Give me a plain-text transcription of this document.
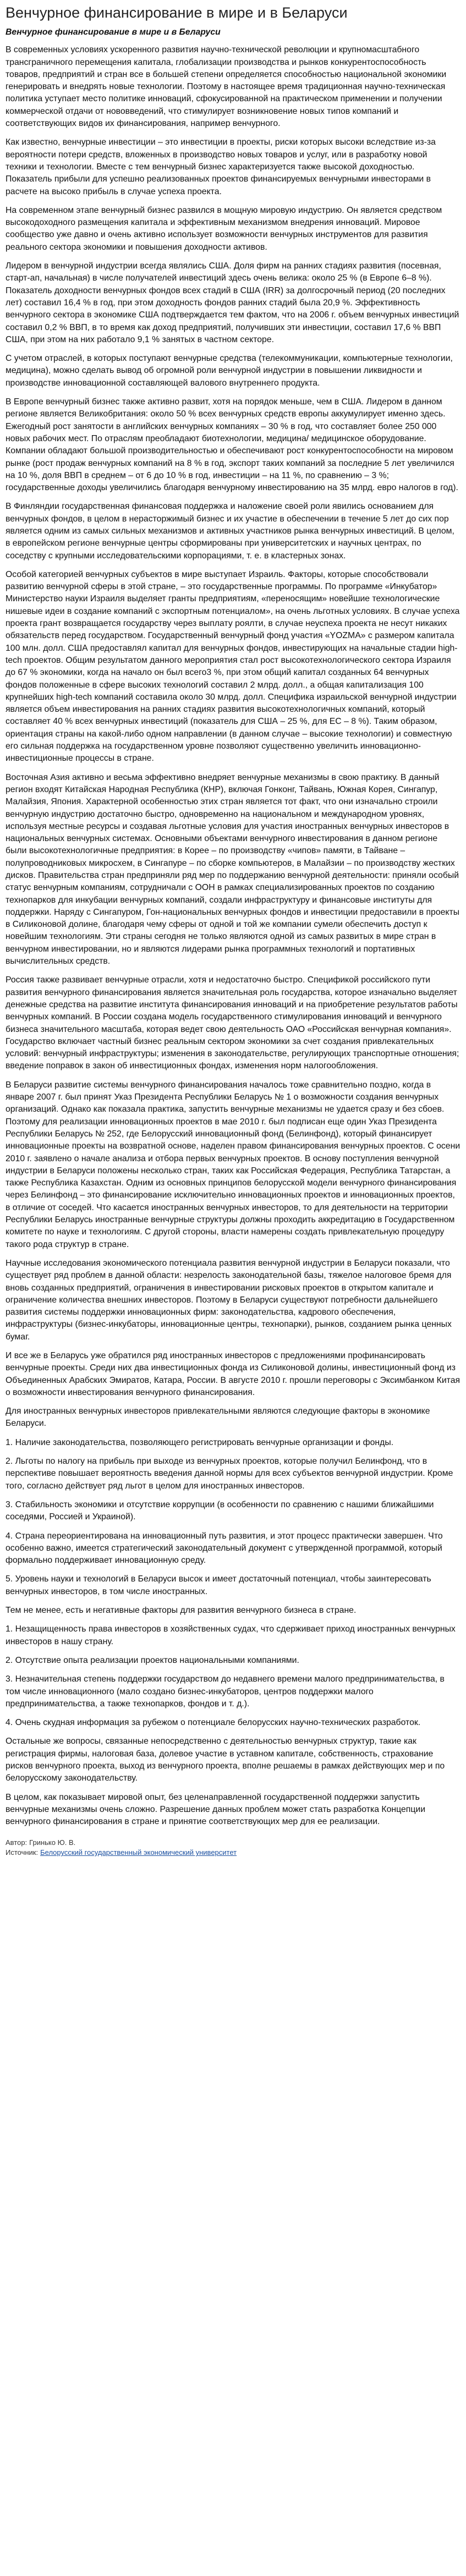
Венчурное финансирование в мире и в Беларуси
Венчурное финансирование в мире и в Беларуси

В современных условиях ускоренного развития научно-технической революции и крупномасштабного трансграничного перемещения капитала, глобализации производства и рынков конкурентоспособность товаров, предприятий и стран все в большей степени определяется способностью национальной экономики генерировать и внедрять новые технологии. Поэтому в настоящее время традиционная научно-техническая политика уступает место политике инноваций, сфокусированной на практическом применении и получении коммерческой отдачи от нововведений, что стимулирует возникновение новых типов компаний и соответствующих видов их финансирования, например венчурного.

Как известно, венчурные инвестиции – это инвестиции в проекты, риски которых высоки вследствие из-за вероятности потери средств, вложенных в производство новых товаров и услуг, или в разработку новой техники и технологии. Вместе с тем венчурный бизнес характеризуется также высокой доходностью. Показатель прибыли для успешно реализованных проектов финансируемых венчурными инвесторами в расчете на высоко прибыль в случае успеха проекта.

На современном этапе венчурный бизнес развился в мощную мировую индустрию. Он является средством высокодоходного размещения капитала и эффективным механизмом внедрения инноваций. Мировое сообщество уже давно и очень активно использует возможности венчурных инструментов для развития реального сектора экономики и повышения доходности активов.

Лидером в венчурной индустрии всегда являлись США. Доля фирм на ранних стадиях развития (посевная, старт-ап, начальная) в числе получателей инвестиций здесь очень велика: около 25 % (в Европе 6–8 %). Показатель доходности венчурных фондов всех стадий в США (IRR) за долгосрочный период (20 последних лет) составил 16,4 % в год, при этом доходность фондов ранних стадий была 20,9 %. Эффективность венчурного сектора в экономике США подтверждается тем фактом, что на 2006 г. объем венчурных инвестиций составил 0,2 % ВВП, в то время как доход предприятий, получивших эти инвестиции, составил 17,6 % ВВП США, при этом на них работало 9,1 % занятых в частном секторе.

С учетом отраслей, в которых поступают венчурные средства (телекоммуникации, компьютерные технологии, медицина), можно сделать вывод об огромной роли венчурной индустрии в повышении ликвидности и производстве инновационной составляющей валового внутреннего продукта.

В Европе венчурный бизнес также активно развит, хотя на порядок меньше, чем в США. Лидером в данном регионе является Великобритания: около 50 % всех венчурных средств европы аккумулирует именно здесь. Ежегодный рост занятости в английских венчурных компаниях – 30 % в год, что составляет более 250 000 новых рабочих мест. По отраслям преобладают биотехнологии, медицина/ медицинское оборудование. Компании обладают большой производительностью и обеспечивают рост конкурентоспособности на мировом рынке (рост продаж венчурных компаний на 8 % в год, экспорт таких компаний за последние 5 лет увеличился на 10 %, доля ВВП в среднем – от 6 до 10 % в год, инвестиции – на 11 %, по сравнению – 3 %; государственные доходы увеличились благодаря венчурному инвестированию на 35 млрд. евро налогов в год).

В Финляндии государственная финансовая поддержка и наложение своей роли явились основанием для венчурных фондов, в целом в нерасторжимый бизнес и их участие в обеспечении в течение 5 лет до сих пор является одним из самых сильных механизмов и активных участников рынка венчурных инвестиций. В целом, в европейском регионе венчурные центры сформированы при университетских и научных центрах, по соседству с крупными исследовательскими корпорациями, т. е. в кластерных зонах.

Особой категорией венчурных субъектов в мире выступает Израиль. Факторы, которые способствовали развитию венчурной сферы в этой стране, – это государственные программы. По программе «Инкубатор» Министерство науки Израиля выделяет гранты предприятиям, «переносящим» новейшие технологические нишевые идеи в создание компаний с экспортным потенциалом», на очень льготных условиях. В случае успеха проекта грант возвращается государству через выплату роялти, в случае неуспеха проекта не несут никаких обязательств перед государством. Государственный венчурный фонд участия «YOZMA» с размером капитала 100 млн. долл. США предоставлял капитал для венчурных фондов, инвестирующих на начальные стадии high-tech проектов. Общим результатом данного мероприятия стал рост высокотехнологического сектора Израиля до 67 % экономики, когда на начало он был всего3 %, при этом общий капитал созданных 64 венчурных фондов положенные в сфере высоких технологий составил 2 млрд. долл., а общая капитализация 100 крупнейших high-tech компаний составила около 30 млрд. долл. Специфика израильской венчурной индустрии является объем инвестирования на ранних стадиях развития высокотехнологичных компаний, который составляет 40 % всех венчурных инвестиций (показатель для США – 25 %, для ЕС – 8 %). Таким образом, ориентация страны на какой-либо одном направлении (в данном случае – высокие технологии) и совместную его сильная поддержка на государственном уровне позволяют существенно увеличить инновационно-инвестиционные процессы в стране.

Восточная Азия активно и весьма эффективно внедряет венчурные механизмы в свою практику. В данный регион входят Китайская Народная Республика (КНР), включая Гонконг, Тайвань, Южная Корея, Сингапур, Малайзия, Япония. Характерной особенностью этих стран является тот факт, что они изначально строили венчурную индустрию достаточно быстро, одновременно на национальном и международном уровнях, используя местные ресурсы и создавая льготные условия для участия иностранных венчурных инвесторов в национальных венчурных системах. Основными объектами венчурного инвестирования в данном регионе были высокотехнологичные предприятия: в Корее – по производству «чипов» памяти, в Тайване – полупроводниковых микросхем, в Сингапуре – по сборке компьютеров, в Малайзии – по производству жестких дисков. Правительства стран предприняли ряд мер по поддержанию венчурной деятельности: приняли особый статус венчурным компаниям, сотрудничали с ООН в рамках специализированных проектов по созданию технопарков для инкубации венчурных компаний, создали инфраструктуру и финансовые институты для поддержки. Наряду с Сингапуром, Гон-национальных венчурных фондов и инвестиции предоставили в проекты в Силиконовой долине, благодаря чему сферы от одной и той же компании сумели обеспечить доступ к новейшим технологиям. Эти страны сегодня не только являются одной из самых развитых в мире стран в венчурном инвестировании, но и являются лидерами рынка программных технологий и портативных вычислительных средств.

Россия также развивает венчурные отрасли, хотя и недостаточно быстро. Спецификой российского пути развития венчурного финансирования является значительная роль государства, которое изначально выделяет денежные средства на развитие института финансирования инноваций и на приобретение результатов работы венчурных компаний. В России создана модель государственного стимулирования инноваций и венчурного бизнеса значительного масштаба, которая ведет свою деятельность ОАО «Российская венчурная компания». Государство включает частный бизнес реальным сектором экономики за счет создания привлекательных условий: венчурный инфраструктуры; изменения в законодательстве, регулирующих транспортные отношения; введение поправок в закон об инвестиционных фондах, изменения норм налогообложения.

В Беларуси развитие системы венчурного финансирования началось тоже сравнительно поздно, когда в январе 2007 г. был принят Указ Президента Республики Беларусь № 1 о возможности создания венчурных организаций. Однако как показала практика, запустить венчурные механизмы не удается сразу и без сбоев. Поэтому для реализации инновационных проектов в мае 2010 г. был подписан еще один Указ Президента Республики Беларусь № 252, где Белорусский инновационный фонд (Белинфонд), который финансирует инновационные проекты на возвратной основе, наделен правом финансирования венчурных проектов. С осени 2010 г. заявлено о начале анализа и отбора первых венчурных проектов. В основу поступления венчурной индустрии в Беларуси положены несколько стран, таких как Российская Федерация, Республика Татарстан, а также Республика Казахстан. Одним из основных принципов белорусской модели венчурного финансирования через Белинфонд – это финансирование исключительно инновационных проектов и инновационных проектов, в отличие от соседей. Что касается иностранных венчурных инвесторов, то для деятельности на территории Республики Беларусь иностранные венчурные структуры должны проходить аккредитацию в Государственном комитете по науке и технологиям. С другой стороны, власти намерены создать привлекательную процедуру такого рода структур в стране.

Научные исследования экономического потенциала развития венчурной индустрии в Беларуси показали, что существует ряд проблем в данной области: незрелость законодательной базы, тяжелое налоговое бремя для вновь созданных предприятий, ограничения в инвестировании рисковых проектов в открытом капитале и ограничение количества внешних инвесторов. Поэтому в Беларуси существуют потребности дальнейшего развития системы поддержки инновационных фирм: законодательства, кадрового обеспечения, инфраструктуры (бизнес-инкубаторы, инновационные центры, технопарки), рынков, созданием рынка ценных бумаг.

И все же в Беларусь уже обратился ряд иностранных инвесторов с предложениями профинансировать венчурные проекты. Среди них два инвестиционных фонда из Силиконовой долины, инвестиционный фонд из Объединенных Арабских Эмиратов, Катара, России. В августе 2010 г. прошли переговоры с Эксимбанком Китая о возможности инвестирования венчурного финансирования.

Для иностранных венчурных инвесторов привлекательными являются следующие факторы в экономике Беларуси.

1. Наличие законодательства, позволяющего регистрировать венчурные организации и фонды.

2. Льготы по налогу на прибыль при выходе из венчурных проектов, которые получил Белинфонд, что в перспективе повышает вероятность введения данной нормы для всех субъектов венчурной индустрии. Кроме того, согласно действует ряд льгот в целом для иностранных инвесторов.

3. Стабильность экономики и отсутствие коррупции (в особенности по сравнению с нашими ближайшими соседями, Россией и Украиной).

4. Страна переориентирована на инновационный путь развития, и этот процесс практически завершен. Что особенно важно, имеется стратегический законодательный документ с утвержденной программой, который формально поддерживает инновационную среду.

5. Уровень науки и технологий в Беларуси высок и имеет достаточный потенциал, чтобы заинтересовать венчурных инвесторов, в том числе иностранных.

Тем не менее, есть и негативные факторы для развития венчурного бизнеса в стране.

1. Незащищенность права инвесторов в хозяйственных судах, что сдерживает приход иностранных венчурных инвесторов в нашу страну.

2. Отсутствие опыта реализации проектов национальными компаниями.

3. Незначительная степень поддержки государством до недавнего времени малого предпринимательства, в том числе инновационного (мало создано бизнес-инкубаторов, центров поддержки малого предпринимательства, а также технопарков, фондов и т. д.).

4. Очень скудная информация за рубежом о потенциале белорусских научно-технических разработок.

Остальные же вопросы, связанные непосредственно с деятельностью венчурных структур, такие как регистрация фирмы, налоговая база, долевое участие в уставном капитале, собственность, страхование рисков венчурного проекта, выход из венчурного проекта, вполне решаемы в рамках действующих мер и по белорусскому законодательству.

В целом, как показывает мировой опыт, без целенаправленной государственной поддержки запустить венчурные механизмы очень сложно. Разрешение данных проблем может стать разработка Концепции венчурного финансирования в стране и принятие соответствующих мер для ее реализации.

Автор: Гринько Ю. В.
Источник: Белорусский государственный экономический университет
